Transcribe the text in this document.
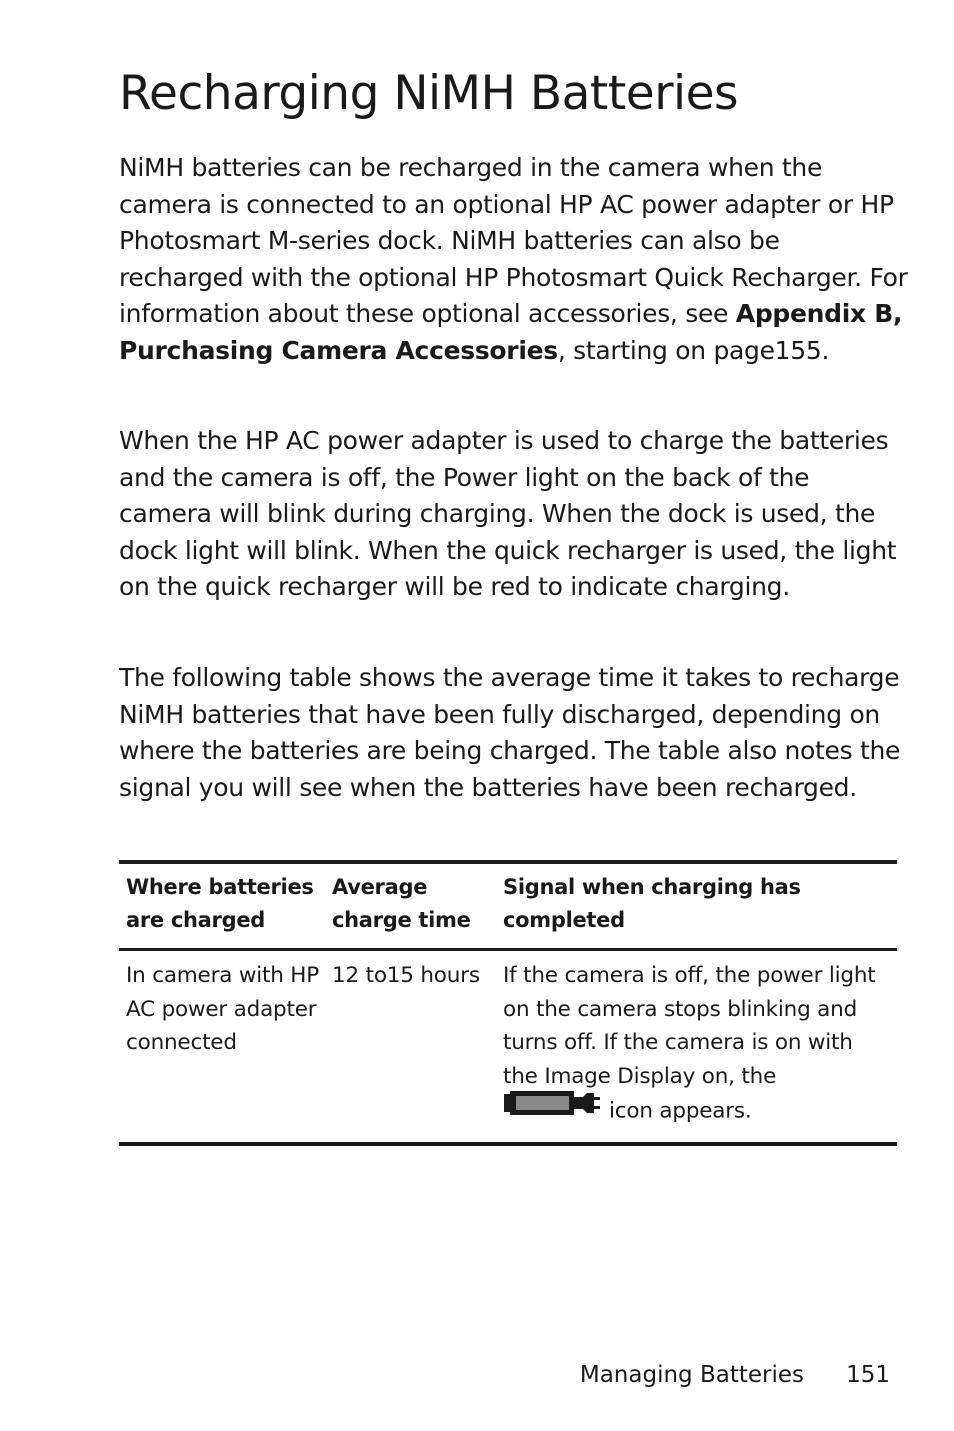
Recharging NiMH Batteries

NiMH batteries can be recharged in the camera when the camera is connected to an optional HP AC power adapter or HP Photosmart M-series dock. NiMH batteries can also be recharged with the optional HP Photosmart Quick Recharger. For information about these optional accessories, see Appendix B, Purchasing Camera Accessories, starting on page155.

When the HP AC power adapter is used to charge the batteries and the camera is off, the Power light on the back of the camera will blink during charging. When the dock is used, the dock light will blink. When the quick recharger is used, the light on the quick recharger will be red to indicate charging.

The following table shows the average time it takes to recharge NiMH batteries that have been fully discharged, depending on where the batteries are being charged. The table also notes the signal you will see when the batteries have been recharged.

Where batteries are charged	Average charge time	Signal when charging has completed
In camera with HP AC power adapter connected	12 to15 hours	If the camera is off, the power light on the camera stops blinking and turns off. If the camera is on with the Image Display on, the
icon appears.
Managing Batteries 151
